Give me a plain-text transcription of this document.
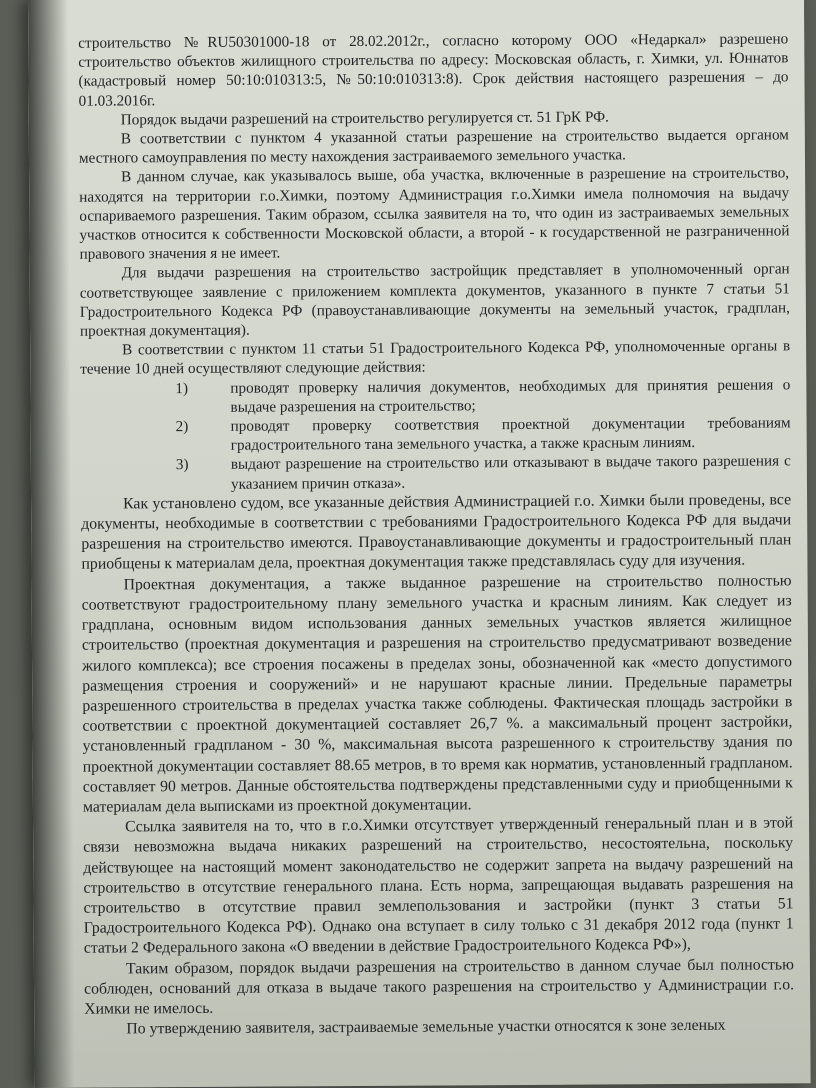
строительство №RU50301000-18 от 28.02.2012г., согласно которому ООО «Недаркал» разрешено строительство объектов жилищного строительства по адресу: Московская область, г. Химки, ул. Юннатов (кадастровый номер 50:10:010313:5, №50:10:010313:8). Срок действия настоящего разрешения – до 01.03.2016г.

Порядок выдачи разрешений на строительство регулируется ст. 51 ГрК РФ.

В соответствии с пунктом 4 указанной статьи разрешение на строительство выдается органом местного самоуправления по месту нахождения застраиваемого земельного участка.

В данном случае, как указывалось выше, оба участка, включенные в разрешение на строительство, находятся на территории г.о.Химки, поэтому Администрация г.о.Химки имела полномочия на выдачу оспариваемого разрешения. Таким образом, ссылка заявителя на то, что один из застраиваемых земельных участков относится к собственности Московской области, а второй - к государственной не разграниченной правового значения я не имеет.

Для выдачи разрешения на строительство застройщик представляет в уполномоченный орган соответствующее заявление с приложением комплекта документов, указанного в пункте 7 статьи 51 Градостроительного Кодекса РФ (правоустанавливающие документы на земельный участок, градплан, проектная документация).

В соответствии с пунктом 11 статьи 51 Градостроительного Кодекса РФ, уполномоченные органы в течение 10 дней осуществляют следующие действия:

1)	проводят проверку наличия документов, необходимых для принятия решения о выдаче разрешения на строительство;
2)	проводят проверку соответствия проектной документации требованиям градостроительного тана земельного участка, а также красным линиям.
3)	выдают разрешение на строительство или отказывают в выдаче такого разрешения с указанием причин отказа».

Как установлено судом, все указанные действия Администрацией г.о. Химки были проведены, все документы, необходимые в соответствии с требованиями Градостроительного Кодекса РФ для выдачи разрешения на строительство имеются. Правоустанавливающие документы и градостроительный план приобщены к материалам дела, проектная документация также представлялась суду для изучения.

Проектная документация, а также выданное разрешение на строительство полностью соответствуют градостроительному плану земельного участка и красным линиям. Как следует из градплана, основным видом использования данных земельных участков является жилищное строительство (проектная документация и разрешения на строительство предусматривают возведение жилого комплекса); все строения посажены в пределах зоны, обозначенной как «место допустимого размещения строения и сооружений» и не нарушают красные линии. Предельные параметры разрешенного строительства в пределах участка также соблюдены. Фактическая площадь застройки в соответствии с проектной документацией составляет 26,7 %. а максимальный процент застройки, установленный градпланом - 30 %, максимальная высота разрешенного к строительству здания по проектной документации составляет 88.65 метров, в то время как норматив, установленный градпланом. составляет 90 метров. Данные обстоятельства подтверждены представленными суду и приобщенными к материалам дела выписками из проектной документации.

Ссылка заявителя на то, что в г.о.Химки отсутствует утвержденный генеральный план и в этой связи невозможна выдача никаких разрешений на строительство, несостоятельна, поскольку действующее на настоящий момент законодательство не содержит запрета на выдачу разрешений на строительство в отсутствие генерального плана. Есть норма, запрещающая выдавать разрешения на строительство в отсутствие правил землепользования и застройки (пункт 3 статьи 51 Градостроительного Кодекса РФ). Однако она вступает в силу только с 31 декабря 2012 года (пункт 1 статьи 2 Федерального закона «О введении в действие Градостроительного Кодекса РФ»),

Таким образом, порядок выдачи разрешения на строительство в данном случае был полностью соблюден, оснований для отказа в выдаче такого разрешения на строительство у Администрации г.о. Химки не имелось.

По утверждению заявителя, застраиваемые земельные участки относятся к зоне зеленых
